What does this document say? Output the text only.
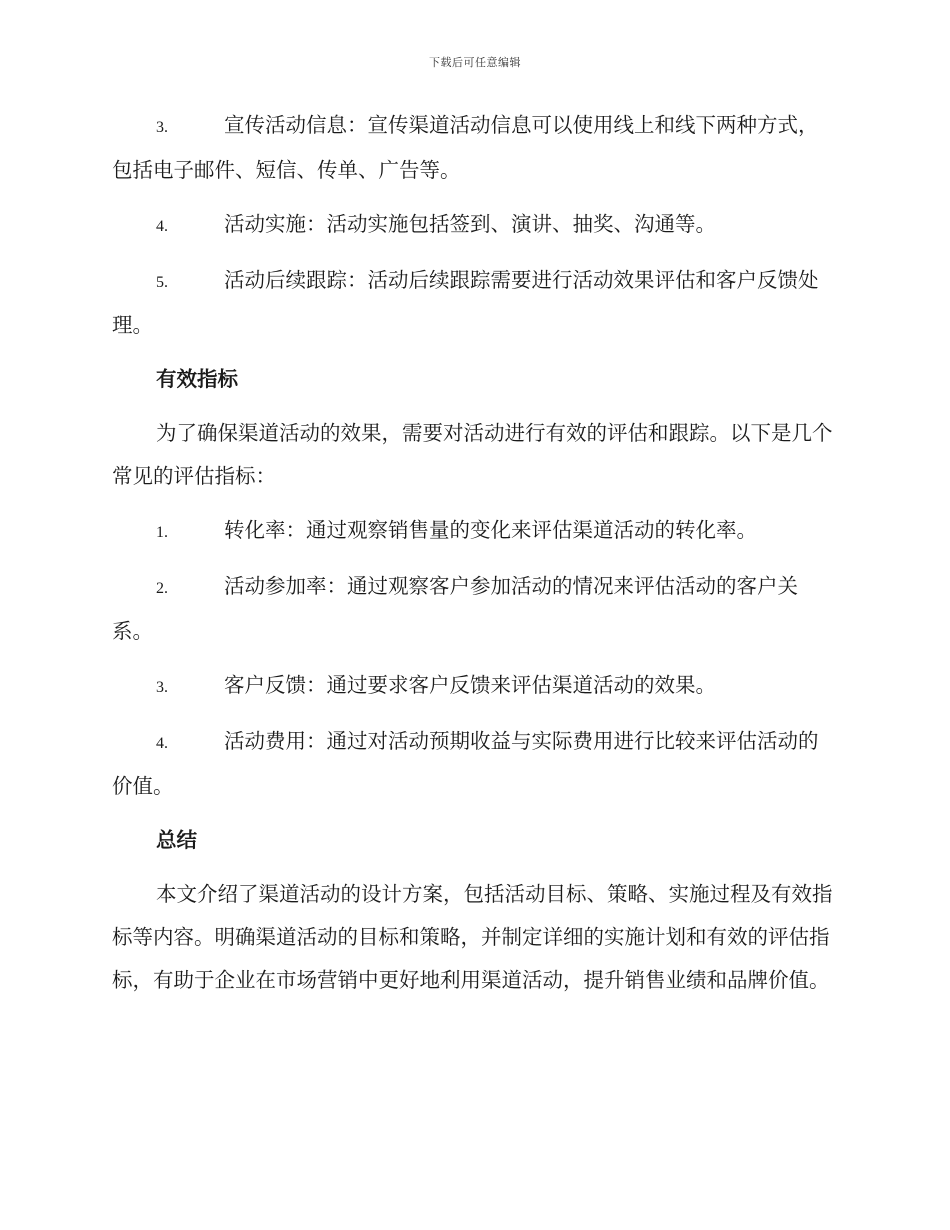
下载后可任意编辑
3.	宣传活动信息：宣传渠道活动信息可以使用线上和线下两种方式，包括电子邮件、短信、传单、广告等。
4.	活动实施：活动实施包括签到、演讲、抽奖、沟通等。
5.	活动后续跟踪：活动后续跟踪需要进行活动效果评估和客户反馈处理。
有效指标
为了确保渠道活动的效果，需要对活动进行有效的评估和跟踪。以下是几个常见的评估指标：
1.	转化率：通过观察销售量的变化来评估渠道活动的转化率。
2.	活动参加率：通过观察客户参加活动的情况来评估活动的客户关系。
3.	客户反馈：通过要求客户反馈来评估渠道活动的效果。
4.	活动费用：通过对活动预期收益与实际费用进行比较来评估活动的价值。
总结
本文介绍了渠道活动的设计方案，包括活动目标、策略、实施过程及有效指标等内容。明确渠道活动的目标和策略，并制定详细的实施计划和有效的评估指标，有助于企业在市场营销中更好地利用渠道活动，提升销售业绩和品牌价值。
